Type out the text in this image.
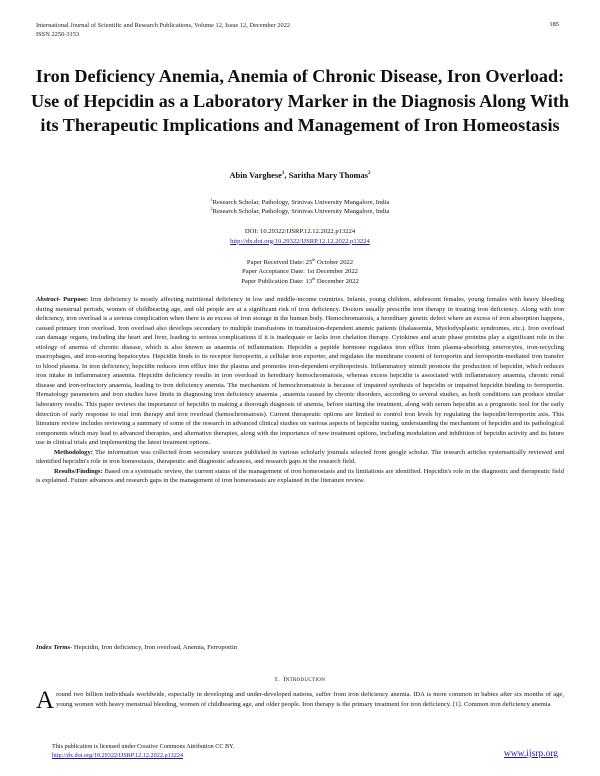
International Journal of Scientific and Research Publications, Volume 12, Issue 12, December 2022
ISSN 2250-3153
185
Iron Deficiency Anemia, Anemia of Chronic Disease, Iron Overload: Use of Hepcidin as a Laboratory Marker in the Diagnosis Along With its Therapeutic Implications and Management of Iron Homeostasis
Abin Varghese$^1$, Saritha Mary Thomas$^2$
$^1$Research Scholar, Pathology, Srinivas University Mangalore, India
$^2$Research Scholar, Pathology, Srinivas University Mangalore, India
DOI: 10.29322/IJSRP.12.12.2022.p13224
http://dx.doi.org/10.29322/IJSRP.12.12.2022.p13224
Paper Received Date: 25th October 2022
Paper Acceptance Date: 1st December 2022
Paper Publication Date: 13th December 2022

Abstract- Purpose: Iron deficiency is mostly affecting nutritional deficiency in low and middle-income countries. Infants, young children, adolescent females, young females with heavy bleeding during menstrual periods, women of childbearing age, and old people are at a significant risk of iron deficiency. Doctors usually prescribe iron therapy in treating iron deficiency. Along with iron deficiency, iron overload is a serious complication when there is an excess of iron storage in the human body. Hemochromatosis, a hereditary genetic defect where an excess of iron absorption happens, caused primary iron overload. Iron overload also develops secondary to multiple transfusions in transfusion-dependent anemic patients (thalassemia, Myelodysplastic syndromes, etc.). Iron overload can damage organs, including the heart and liver, leading to serious complications if it is inadequate or lacks iron chelation therapy. Cytokines and acute phase proteins play a significant role in the etiology of anemia of chronic disease, which is also known as anaemia of inflammation. Hepcidin a peptide hormone regulates iron efflux from plasma-absorbing enterocytes, iron-recycling macrophages, and iron-storing hepatocytes. Hepcidin binds to its receptor ferroportin, a cellular iron exporter, and regulates the membrane content of ferroportin and ferroportin-mediated iron transfer to blood plasma. In iron deficiency, hepcidin reduces iron efflux into the plasma and promotes iron-dependent erythropoiesis. Inflammatory stimuli promote the production of hepcidin, which reduces iron intake in inflammatory anaemia. Hepcidin deficiency results in iron overload in hereditary hemochromatosis, whereas excess hepcidin is associated with inflammatory anaemia, chronic renal disease and iron-refractory anaemia, leading to iron deficiency anemia. The mechanism of hemochromatosis is because of impaired synthesis of hepcidin or impaired hepcidin binding to ferroportin. Hematology parameters and iron studies have limits in diagnosing iron deficiency anaemia , anaemia caused by chronic disorders, according to several studies, as both conditions can produce similar laboratory results. This paper reviews the importance of hepcidin in making a thorough diagnosis of anemia, before starting the treatment, along with serum hepcidin as a prognostic tool for the early detection of early response to oral iron therapy and iron overload (hemochromatosis). Current therapeutic options are limited to control iron levels by regulating the hepcidin/ferroportin axis. This literature review includes reviewing a summary of some of the research in advanced clinical studies on various aspects of hepcidin tuning, understanding the mechanism of hepcidin and its pathological components which may lead to advanced therapies, and alternative therapies, along with the importance of new treatment options, including modulation and inhibition of hepcidin activity and its future use in clinical trials and implementing the latest treatment options.

Methodology: The information was collected from secondary sources published in various scholarly journals selected from google scholar. The research articles systematically reviewed and identified hepcidin's role in iron homeostasis, therapeutic and diagnostic advances, and research gaps in the research field.

Results/Findings: Based on a systematic review, the current status of the management of iron homeostasis and its limitations are identified. Hepcidin's role in the diagnostic and therapeutic field is explained. Future advances and research gaps in the management of iron homeostasis are explained in the literature review.

Index Terms- Hepcidin, Iron deficiency, Iron overload, Anemia, Ferroportin
I. Introduction
Around two billion individuals worldwide, especially in developing and under-developed nations, suffer from iron deficiency anemia. IDA is more common in babies after six months of age, young women with heavy menstrual bleeding, women of childbearing age, and older people. Iron therapy is the primary treatment for iron deficiency. [1]. Common iron deficiency anemia
This publication is licensed under Creative Commons Attribution CC BY.
http://dx.doi.org/10.29322/IJSRP.12.12.2022.p13224	www.ijsrp.org
